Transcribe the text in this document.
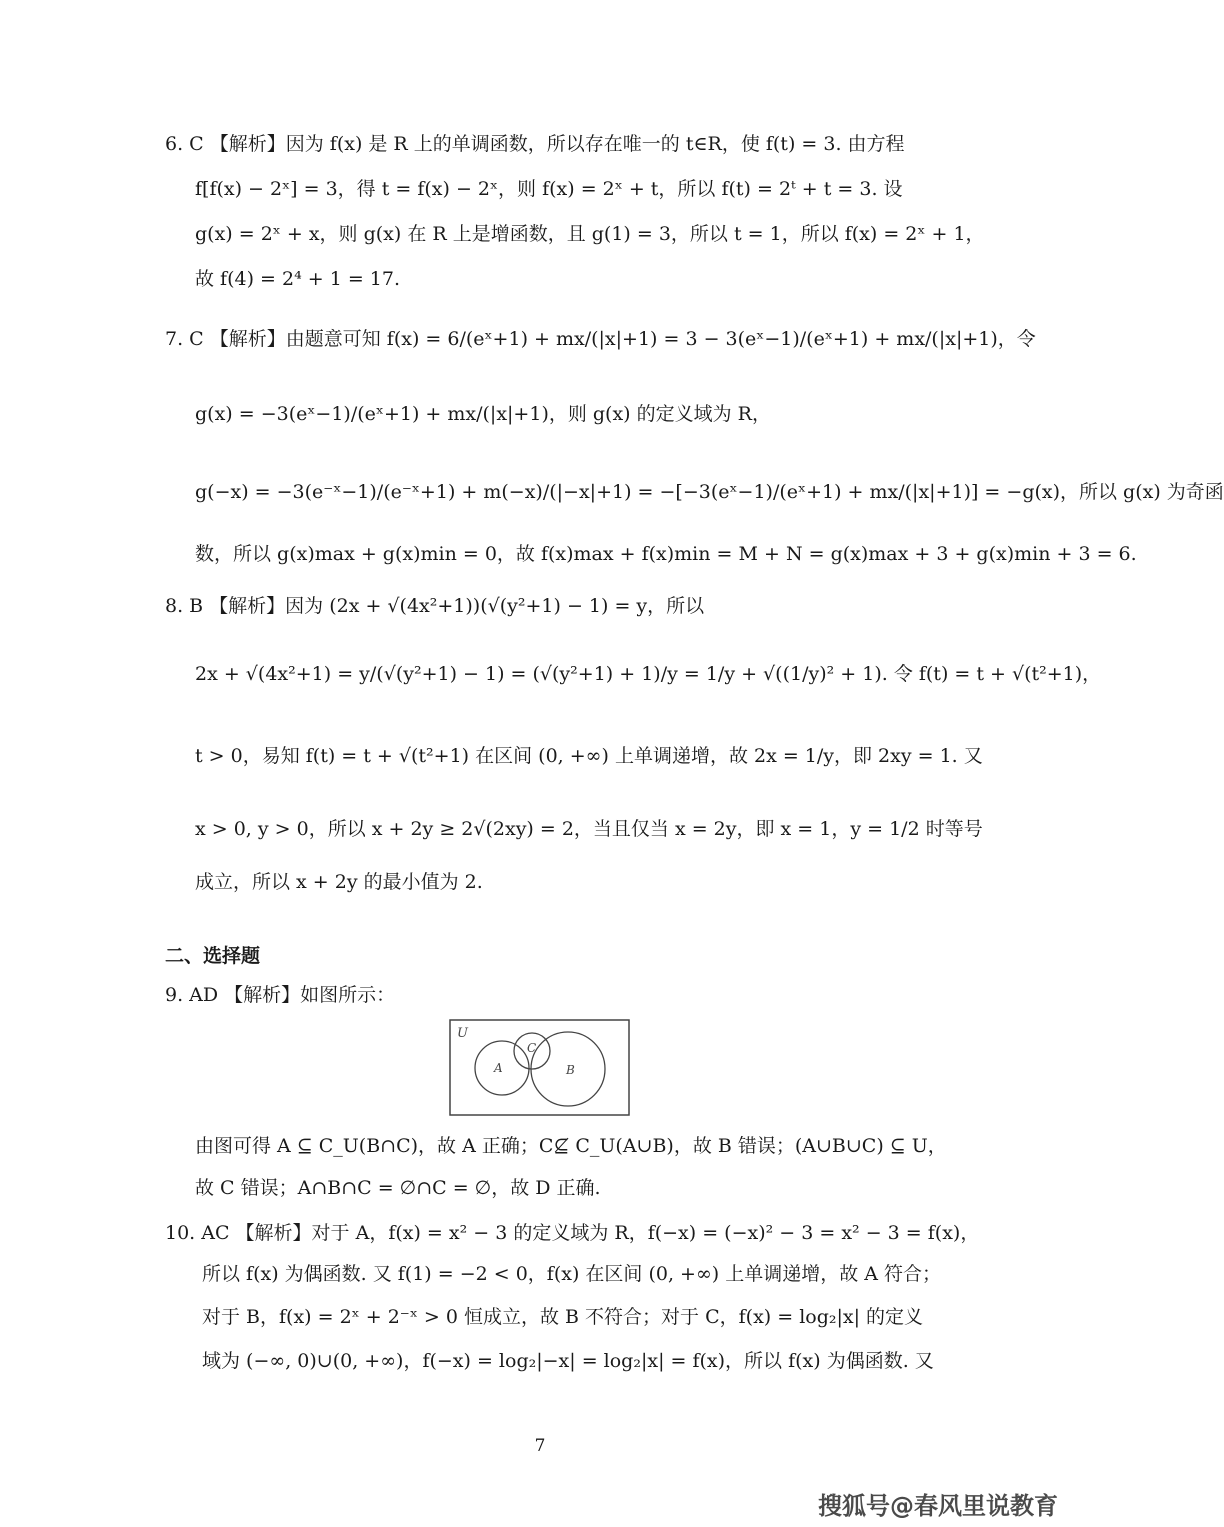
6. C 【解析】因为 f(x) 是 R 上的单调函数，所以存在唯一的 t∈R，使 f(t) = 3. 由方程
f[f(x) − 2ˣ] = 3，得 t = f(x) − 2ˣ，则 f(x) = 2ˣ + t，所以 f(t) = 2ᵗ + t = 3. 设
g(x) = 2ˣ + x，则 g(x) 在 R 上是增函数，且 g(1) = 3，所以 t = 1，所以 f(x) = 2ˣ + 1，
故 f(4) = 2⁴ + 1 = 17.
7. C 【解析】由题意可知 f(x) = 6/(eˣ+1) + mx/(|x|+1) = 3 − 3(eˣ−1)/(eˣ+1) + mx/(|x|+1)，令
g(x) = −3(eˣ−1)/(eˣ+1) + mx/(|x|+1)，则 g(x) 的定义域为 R，
g(−x) = −3(e⁻ˣ−1)/(e⁻ˣ+1) + m(−x)/(|−x|+1) = −[−3(eˣ−1)/(eˣ+1) + mx/(|x|+1)] = −g(x)，所以 g(x) 为奇函
数，所以 g(x)max + g(x)min = 0，故 f(x)max + f(x)min = M + N = g(x)max + 3 + g(x)min + 3 = 6.
8. B 【解析】因为 (2x + √(4x²+1))(√(y²+1) − 1) = y，所以
2x + √(4x²+1) = y/(√(y²+1) − 1) = (√(y²+1) + 1)/y = 1/y + √((1/y)² + 1). 令 f(t) = t + √(t²+1)，
t > 0，易知 f(t) = t + √(t²+1) 在区间 (0, +∞) 上单调递增，故 2x = 1/y，即 2xy = 1. 又
x > 0, y > 0，所以 x + 2y ≥ 2√(2xy) = 2，当且仅当 x = 2y，即 x = 1，y = 1/2 时等号
成立，所以 x + 2y 的最小值为 2.
9. AD 【解析】如图所示：
由图可得 A ⊆ C_U(B∩C)，故 A 正确；C⊈ C_U(A∪B)，故 B 错误；(A∪B∪C) ⊆ U，
故 C 错误；A∩B∩C = ∅∩C = ∅，故 D 正确.
10. AC 【解析】对于 A，f(x) = x² − 3 的定义域为 R，f(−x) = (−x)² − 3 = x² − 3 = f(x)，
所以 f(x) 为偶函数. 又 f(1) = −2 < 0，f(x) 在区间 (0, +∞) 上单调递增，故 A 符合；
对于 B，f(x) = 2ˣ + 2⁻ˣ > 0 恒成立，故 B 不符合；对于 C，f(x) = log₂|x| 的定义
域为 (−∞, 0)∪(0, +∞)，f(−x) = log₂|−x| = log₂|x| = f(x)，所以 f(x) 为偶函数. 又
二、选择题
U
A
C
B
7
搜狐号@春风里说教育
